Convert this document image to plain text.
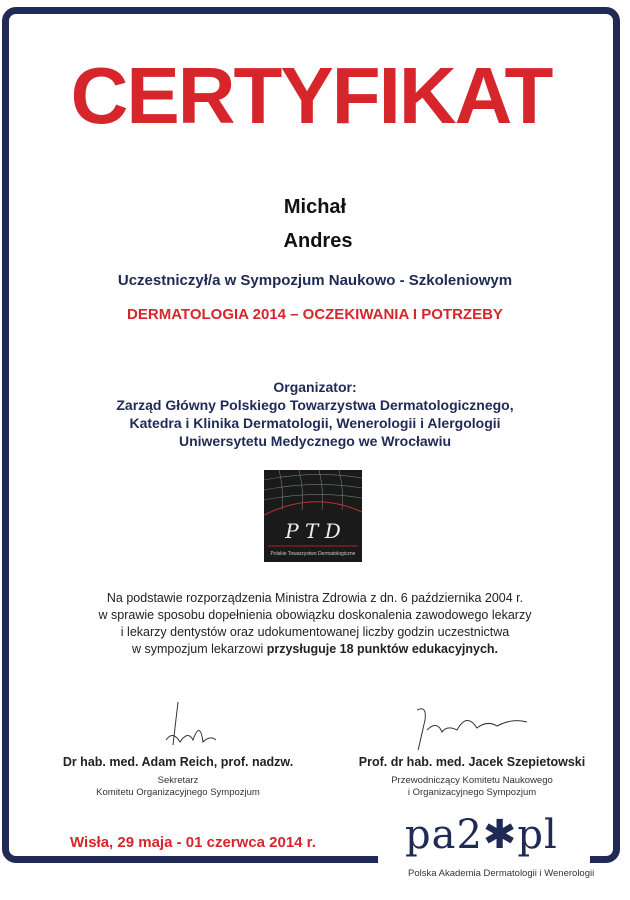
CERTYFIKAT
Michał
Andres
Uczestniczył/a w Sympozjum Naukowo - Szkoleniowym
DERMATOLOGIA 2014 – OCZEKIWANIA I POTRZEBY
Organizator:
Zarząd Główny Polskiego Towarzystwa Dermatologicznego,
Katedra i Klinika Dermatologii, Wenerologii i Alergologii
Uniwersytetu Medycznego we Wrocławiu
P T D
Polskie Towarzystwo Dermatologiczne
Na podstawie rozporządzenia Ministra Zdrowia z dn. 6 października 2004 r.
w sprawie sposobu dopełnienia obowiązku doskonalenia zawodowego lekarzy
i lekarzy dentystów oraz udokumentowanej liczby godzin uczestnictwa
w sympozjum lekarzowi przysługuje 18 punktów edukacyjnych.
Dr hab. med. Adam Reich, prof. nadzw.
Sekretarz
Komitetu Organizacyjnego Sympozjum
Prof. dr hab. med. Jacek Szepietowski
Przewodniczący Komitetu Naukowego
i Organizacyjnego Sympozjum
Wisła, 29 maja - 01 czerwca 2014 r. pa2✱pl
Polska Akademia Dermatologii i Wenerologii
